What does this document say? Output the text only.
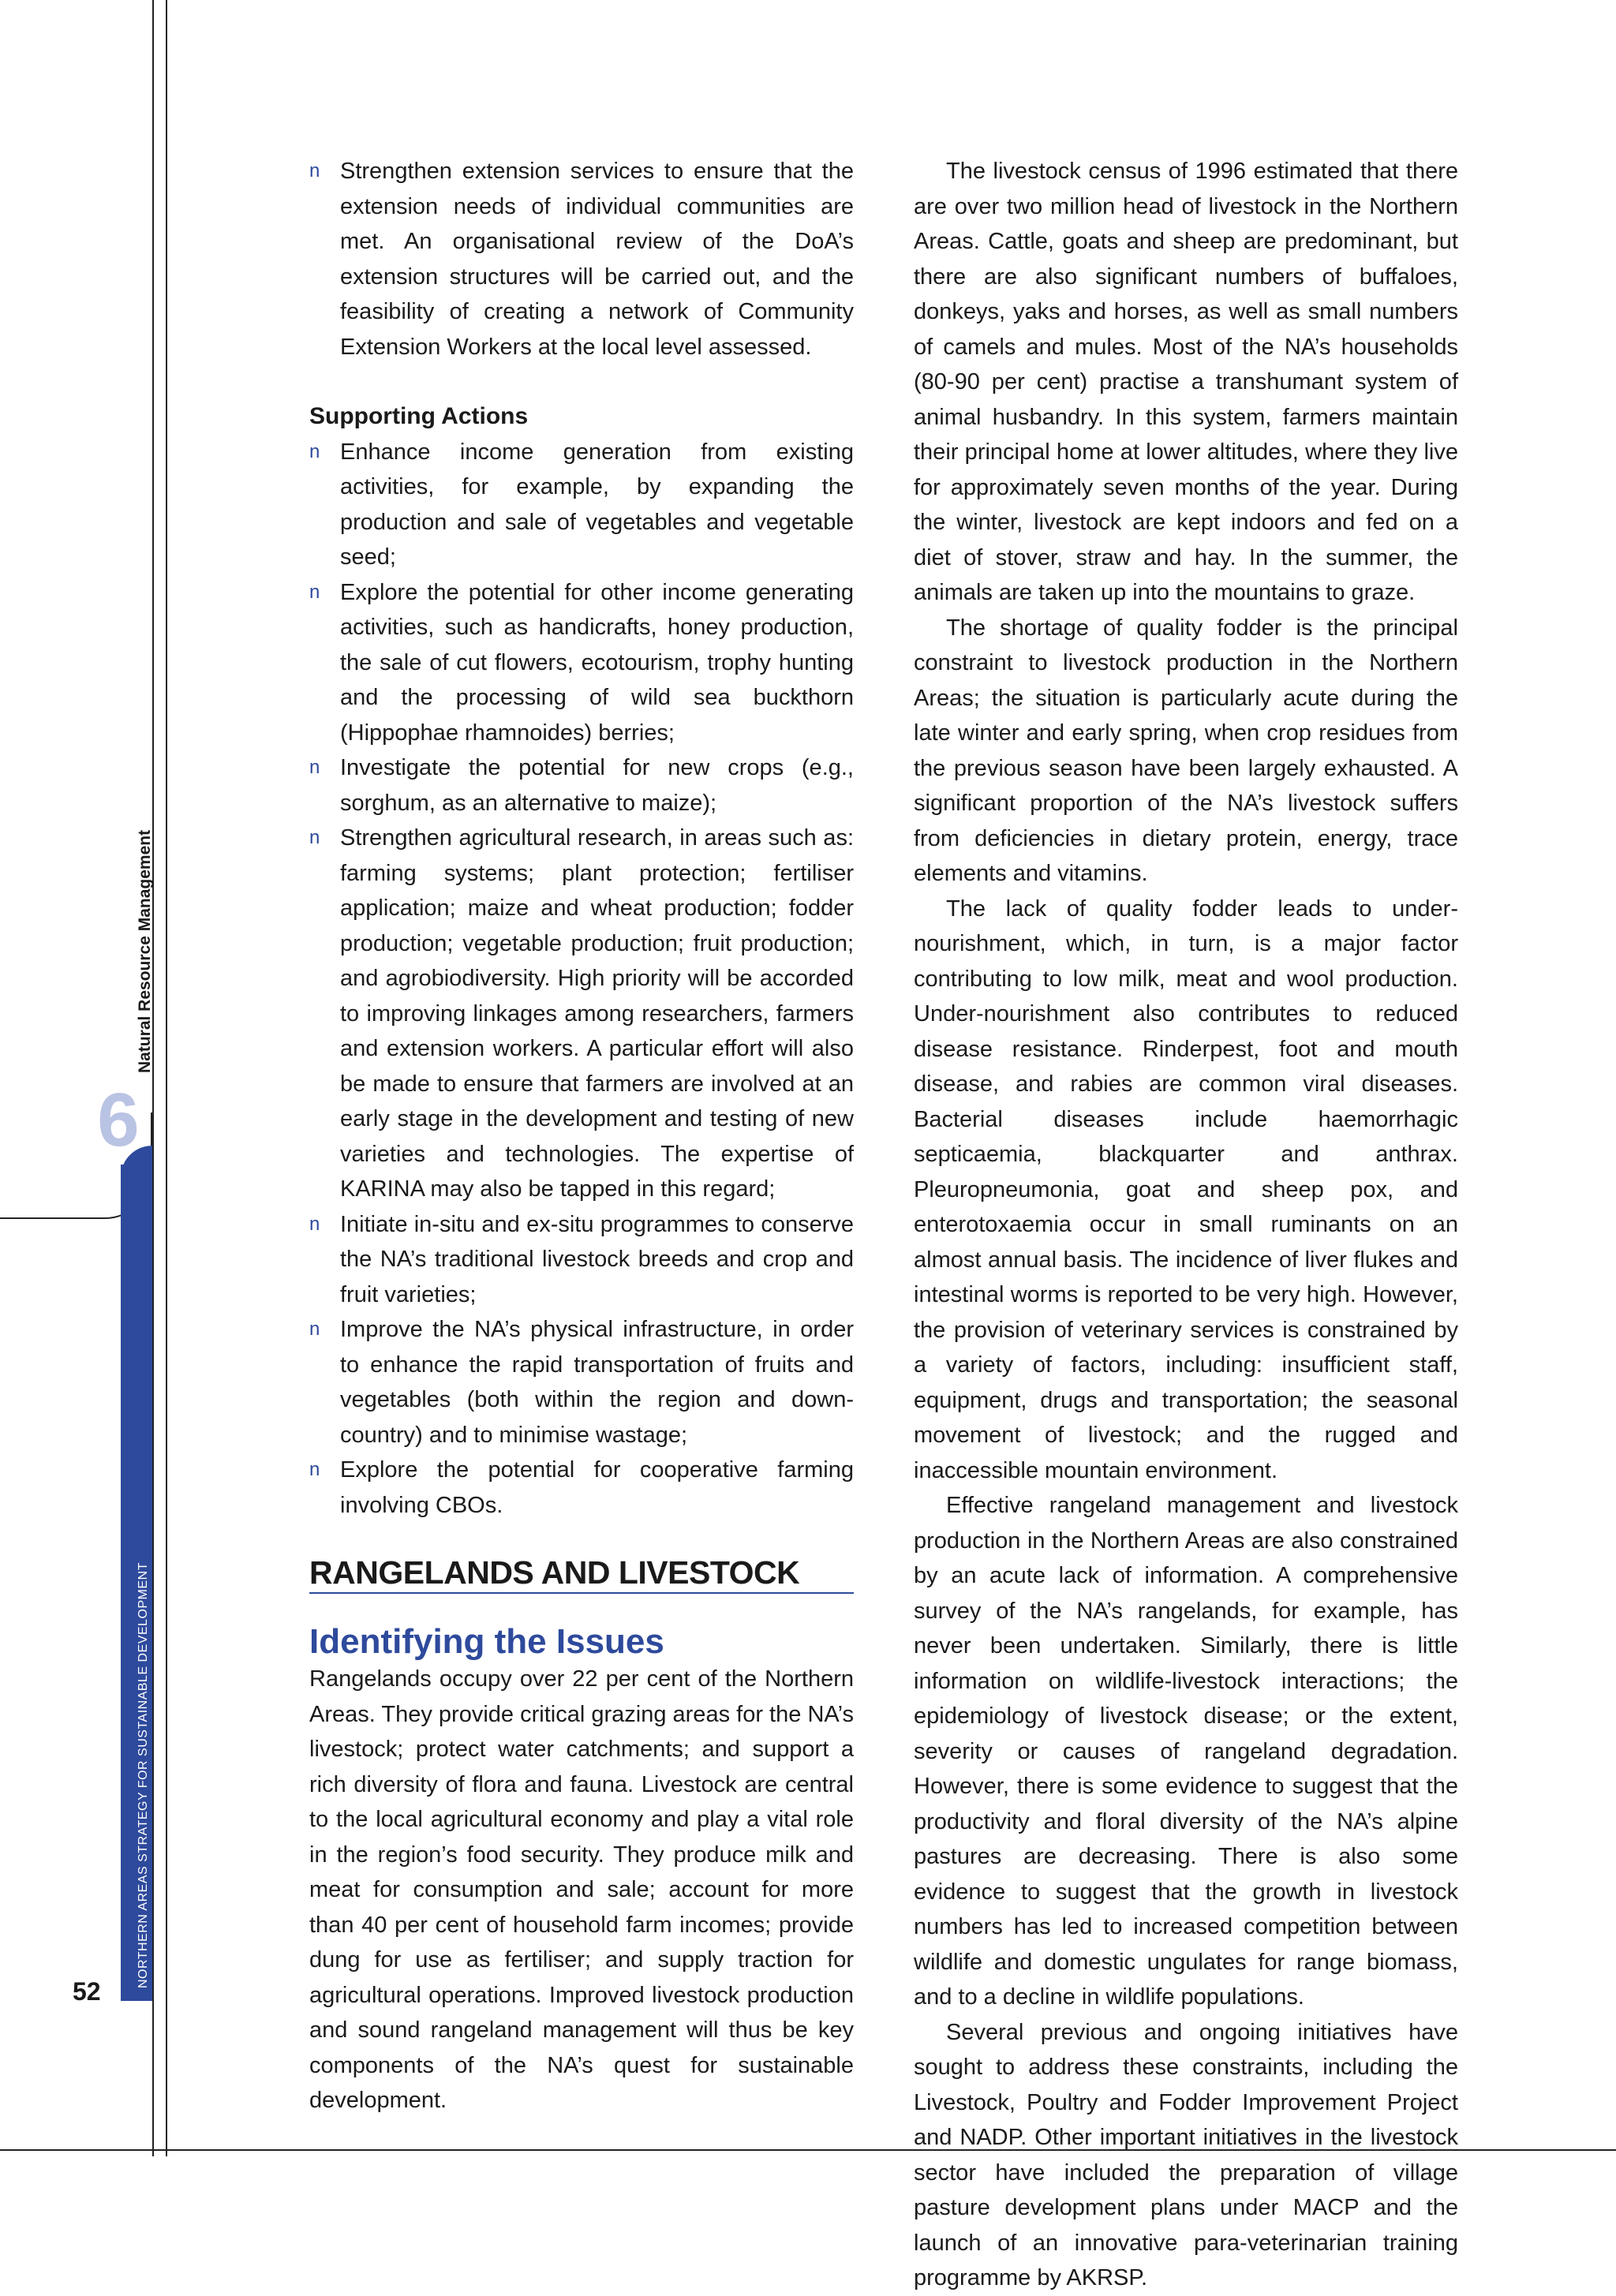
6
Natural Resource Management
NORTHERN AREAS STRATEGY FOR SUSTAINABLE DEVELOPMENT
52
n Strengthen extension services to ensure that the extension needs of individual communities are met. An organisational review of the DoA’s extension structures will be carried out, and the feasibility of creating a network of Community Extension Workers at the local level assessed.
Supporting Actions
n Enhance income generation from existing activities, for example, by expanding the production and sale of vegetables and vegetable seed;
n Explore the potential for other income generating activities, such as handicrafts, honey production, the sale of cut flowers, ecotourism, trophy hunting and the processing of wild sea buckthorn (Hippophae rhamnoides) berries;
n Investigate the potential for new crops (e.g., sorghum, as an alternative to maize);
n Strengthen agricultural research, in areas such as: farming systems; plant protection; fertiliser application; maize and wheat production; fodder production; vegetable production; fruit production; and agrobiodiversity. High priority will be accorded to improving linkages among researchers, farmers and extension workers. A particular effort will also be made to ensure that farmers are involved at an early stage in the development and testing of new varieties and technologies. The expertise of KARINA may also be tapped in this regard;
n Initiate in-situ and ex-situ programmes to conserve the NA’s traditional livestock breeds and crop and fruit varieties;
n Improve the NA’s physical infrastructure, in order to enhance the rapid transportation of fruits and vegetables (both within the region and down-country) and to minimise wastage;
n Explore the potential for cooperative farming involving CBOs.
RANGELANDS AND LIVESTOCK
Identifying the Issues

Rangelands occupy over 22 per cent of the Northern Areas. They provide critical grazing areas for the NA’s livestock; protect water catchments; and support a rich diversity of flora and fauna. Livestock are central to the local agricultural economy and play a vital role in the region’s food security. They produce milk and meat for consumption and sale; account for more than 40 per cent of household farm incomes; provide dung for use as fertiliser; and supply traction for agricultural operations. Improved livestock production and sound rangeland management will thus be key components of the NA’s quest for sustainable development.

The livestock census of 1996 estimated that there are over two million head of livestock in the Northern Areas. Cattle, goats and sheep are predominant, but there are also significant numbers of buffaloes, donkeys, yaks and horses, as well as small numbers of camels and mules. Most of the NA’s households (80-90 per cent) practise a transhumant system of animal husbandry. In this system, farmers maintain their principal home at lower altitudes, where they live for approximately seven months of the year. During the winter, livestock are kept indoors and fed on a diet of stover, straw and hay. In the summer, the animals are taken up into the mountains to graze.

The shortage of quality fodder is the principal constraint to livestock production in the Northern Areas; the situation is particularly acute during the late winter and early spring, when crop residues from the previous season have been largely exhausted. A significant proportion of the NA’s livestock suffers from deficiencies in dietary protein, energy, trace elements and vitamins.

The lack of quality fodder leads to under-nourishment, which, in turn, is a major factor contributing to low milk, meat and wool production. Under-nourishment also contributes to reduced disease resistance. Rinderpest, foot and mouth disease, and rabies are common viral diseases. Bacterial diseases include haemorrhagic septicaemia, blackquarter and anthrax. Pleuropneumonia, goat and sheep pox, and enterotoxaemia occur in small ruminants on an almost annual basis. The incidence of liver flukes and intestinal worms is reported to be very high. However, the provision of veterinary services is constrained by a variety of factors, including: insufficient staff, equipment, drugs and transportation; the seasonal movement of livestock; and the rugged and inaccessible mountain environment.

Effective rangeland management and livestock production in the Northern Areas are also constrained by an acute lack of information. A comprehensive survey of the NA’s rangelands, for example, has never been undertaken. Similarly, there is little information on wildlife-livestock interactions; the epidemiology of livestock disease; or the extent, severity or causes of rangeland degradation. However, there is some evidence to suggest that the productivity and floral diversity of the NA’s alpine pastures are decreasing. There is also some evidence to suggest that the growth in livestock numbers has led to increased competition between wildlife and domestic ungulates for range biomass, and to a decline in wildlife populations.

Several previous and ongoing initiatives have sought to address these constraints, including the Livestock, Poultry and Fodder Improvement Project and NADP. Other important initiatives in the livestock sector have included the preparation of village pasture development plans under MACP and the launch of an innovative para-veterinarian training programme by AKRSP.
